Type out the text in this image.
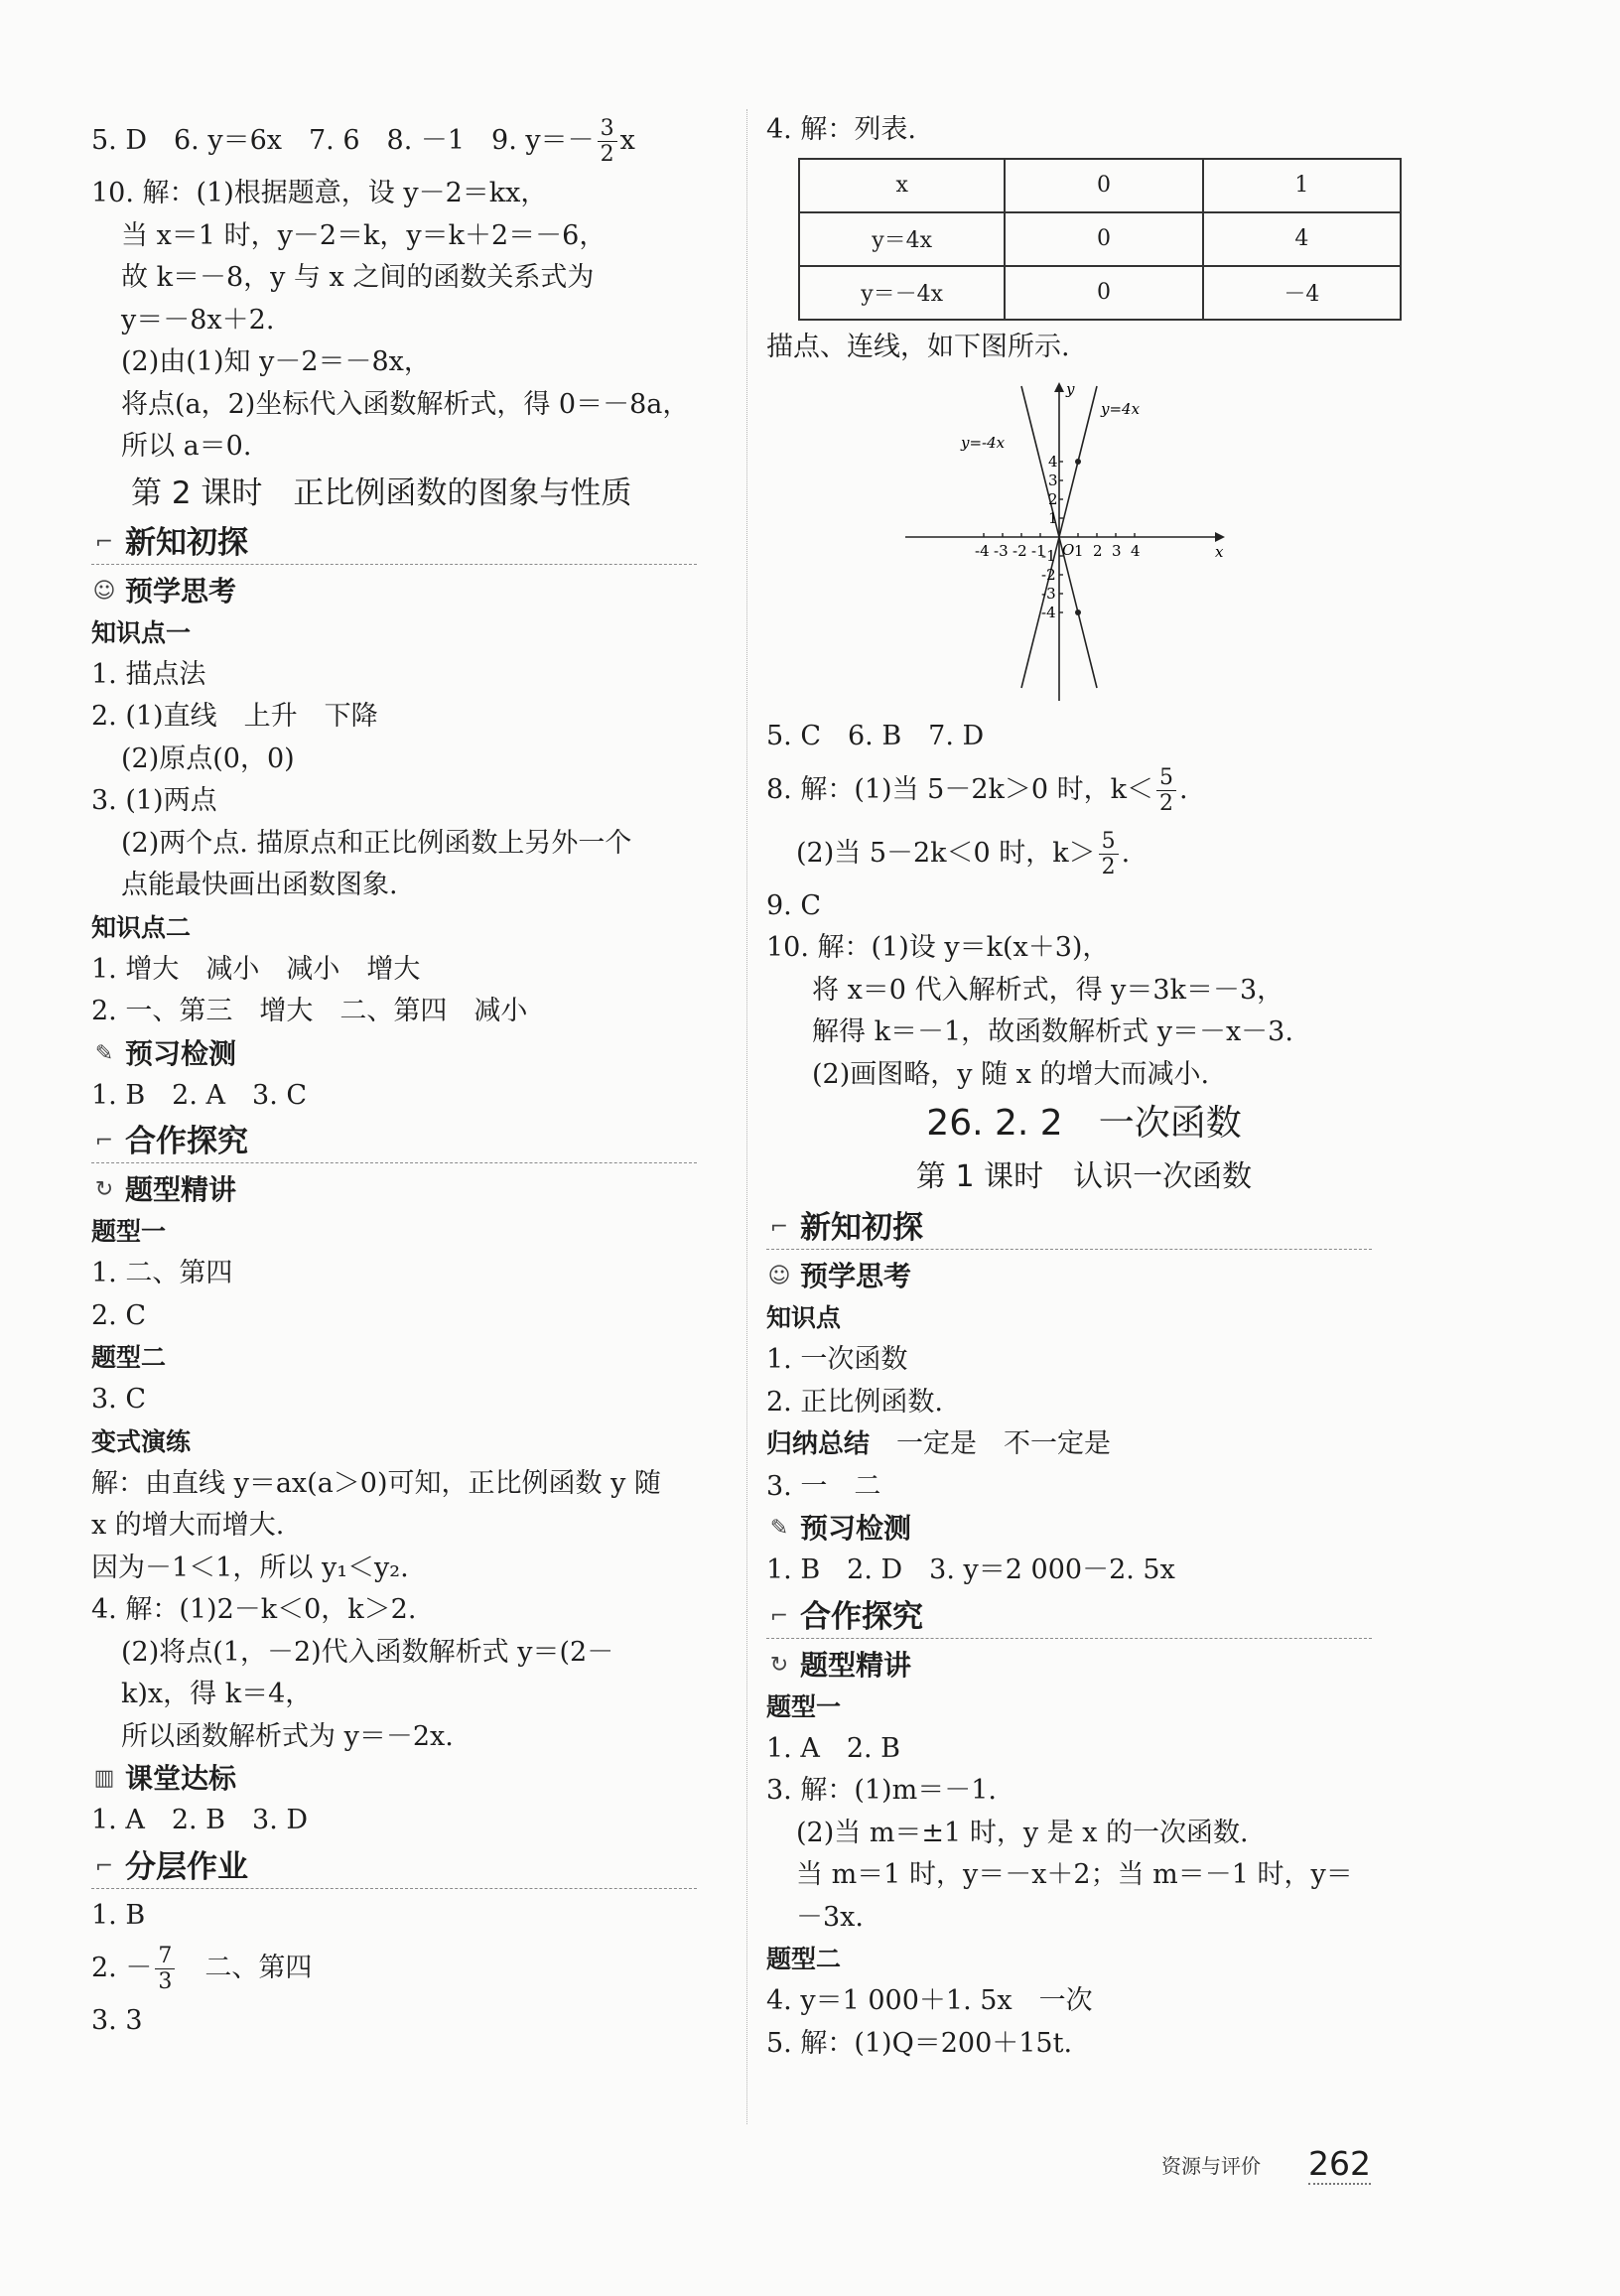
5. D　6. y＝6x　7. 6　8. －1　9. $y=- \frac{3}{2}$ x
10. 解：(1)根据题意，设 y－2＝kx，
当 x＝1 时，y－2＝k，y＝k＋2＝－6，
故 k＝－8，y 与 x 之间的函数关系式为
y＝－8x＋2.
(2)由(1)知 y－2＝－8x，
将点(a，2)坐标代入函数解析式，得 0＝－8a，
所以 a＝0.
第 2 课时　正比例函数的图象与性质
⌐ 新知初探
☺ 预学思考
知识点一
1. 描点法
2. (1)直线　上升　下降
(2)原点(0，0)
3. (1)两点
(2)两个点. 描原点和正比例函数上另外一个
点能最快画出函数图象.
知识点二
1. 增大　减小　减小　增大
2. 一、第三　增大　二、第四　减小
✎ 预习检测
1. B　2. A　3. C
⌐ 合作探究
↻ 题型精讲
题型一
1. 二、第四
2. C
题型二
3. C
变式演练
解：由直线 y＝ax(a＞0)可知，正比例函数 y 随
x 的增大而增大.
因为－1＜1，所以 y₁＜y₂.
4. 解：(1)2－k＜0，k＞2.
(2)将点(1，－2)代入函数解析式 y＝(2－
k)x，得 k＝4，
所以函数解析式为 y＝－2x.
▥ 课堂达标
1. A　2. B　3. D
⌐ 分层作业
1. B
2. － $\frac{7}{3}$ 　二、第四
3. 3
4. 解：列表.
x	0	1
y＝4x	0	4
y＝－4x	0	－4
描点、连线，如下图所示.
y=4x
y=-4x
x
y
O
-4 -3 -2 -1 1 2 3 4
4
3
2
1
-1
-2
-3
-4
5. C　6. B　7. D
8. 解：(1)当 5－2k＞0 时，$k< \frac{5}{2}$ .
(2)当 5－2k＜0 时，$k> \frac{5}{2}$ .
9. C
10. 解：(1)设 y＝k(x＋3)，
将 x＝0 代入解析式，得 y＝3k＝－3，
解得 k＝－1，故函数解析式 y＝－x－3.
(2)画图略，y 随 x 的增大而减小.
26. 2. 2　一次函数
第 1 课时　认识一次函数
⌐ 新知初探
☺ 预学思考
知识点
1. 一次函数
2. 正比例函数.
归纳总结　一定是　不一定是
3. 一　二
✎ 预习检测
1. B　2. D　3. y＝2 000－2. 5x
⌐ 合作探究
↻ 题型精讲
题型一
1. A　2. B
3. 解：(1)m＝－1.
(2)当 m＝±1 时，y 是 x 的一次函数.
当 m＝1 时，y＝－x＋2；当 m＝－1 时，y＝
－3x.
题型二
4. y＝1 000＋1. 5x　一次
5. 解：(1)Q＝200＋15t.
资源与评价 262
